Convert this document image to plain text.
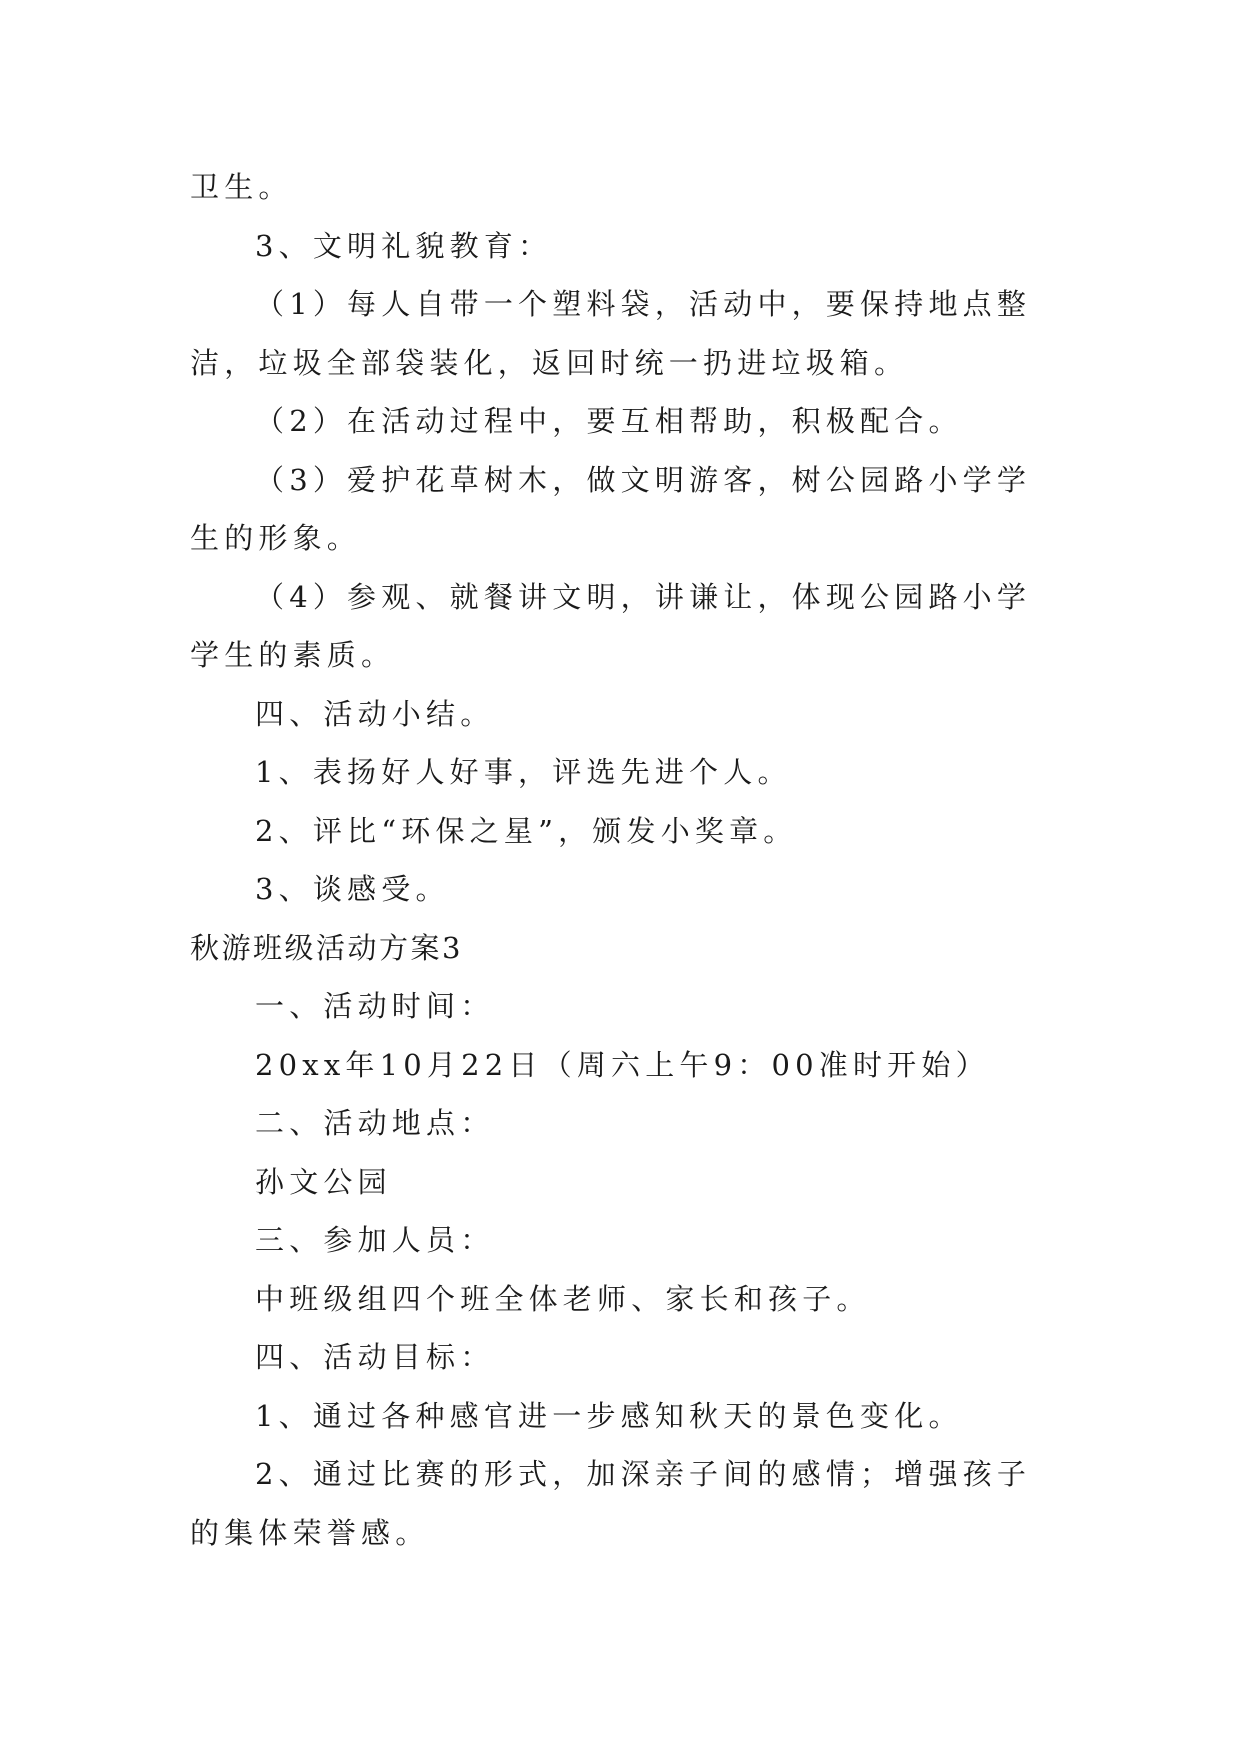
卫生。

3、文明礼貌教育：

（1）每人自带一个塑料袋，活动中，要保持地点整洁，垃圾全部袋装化，返回时统一扔进垃圾箱。

（2）在活动过程中，要互相帮助，积极配合。

（3）爱护花草树木，做文明游客，树公园路小学学生的形象。

（4）参观、就餐讲文明，讲谦让，体现公园路小学学生的素质。

四、活动小结。

1、表扬好人好事，评选先进个人。

2、评比“环保之星”，颁发小奖章。

3、谈感受。

秋游班级活动方案3

一、活动时间：

20xx年10月22日（周六上午9：00准时开始）

二、活动地点：

孙文公园

三、参加人员：

中班级组四个班全体老师、家长和孩子。

四、活动目标：

1、通过各种感官进一步感知秋天的景色变化。

2、通过比赛的形式，加深亲子间的感情；增强孩子的集体荣誉感。
